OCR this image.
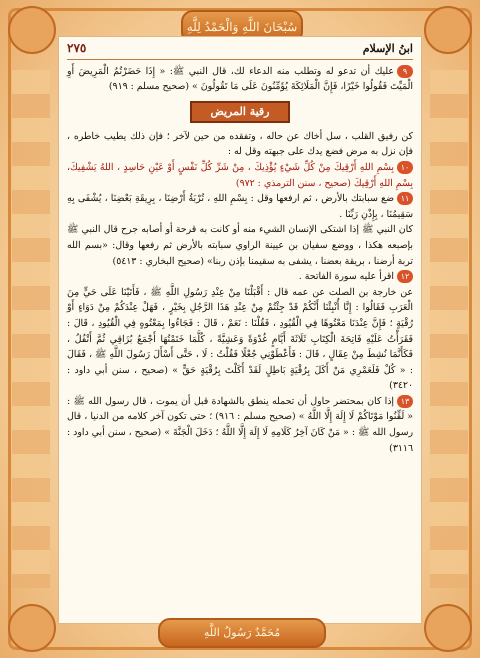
سُبْحَانَ اللَّهِ وَالْحَمْدُ لِلَّهِ
ابنُ الإسلام
٢٧٥

٩عليك أن تدعو له وتطلب منه الدعاء لك، قال النبي ﷺ: « إِذَا حَضَرْتُمُ الْمَرِيضَ أَوِ الْمَيِّتَ فَقُولُوا خَيْرًا، فَإِنَّ الْمَلَائِكَةَ يُؤَمِّنُونَ عَلَى مَا تَقُولُونَ » (صحيح مسلم : ٩١٩)

رقية المريض

كن رفيق القلب ، سل أخاك عن حاله ، وتفقده من حين لآخر ؛ فإن ذلك يطيب خاطره ، فإن نزل به مرض فضع يدك على جبهته وقل له :

١٠بِسْمِ اللهِ أَرْقِيكَ مِنْ كُلِّ شَيْءٍ يُؤْذِيكَ ، مِنْ شَرِّ كُلِّ نَفْسٍ أَوْ عَيْنِ حَاسِدٍ ، اللهُ يَشْفِيكَ، بِسْمِ اللهِ أَرْقِيكَ (صحيح ، سنن الترمذي : ٩٧٢)

١١ضع سبابتك بالأرض ، ثم ارفعها وقل : بِسْمِ اللهِ ، تُرْبَةُ أَرْضِنَا ، بِرِيقَةِ بَعْضِنَا ، يُشْفَى بِهِ سَقِيمُنَا ، بِإِذْنِ رَبِّنَا .

كان النبي ﷺ إذا اشتكى الإنسان الشيء منه أو كانت به قرحة أو أصابه جرح قال النبي ﷺ بإصبعه هكذا ، ووضع سفيان بن عيينة الراوي سبابته بالأرض ثم رفعها وقال: «بسم الله تربة أرضنا ، بريقة بعضنا ، يشفى به سقيمنا بإذن ربنا» (صحيح البخاري : ٥٤١٣)

١٢اقرأ عليه سورة الفاتحة .

عن خارجة بن الصلت عن عمه قال : أَقْبَلْنَا مِنْ عِنْدِ رَسُولِ اللَّهِ ﷺ ، فَأَتَيْنَا عَلَى حَيٍّ مِنَ الْعَرَبِ فَقَالُوا : إِنَّا أُنْبِئْنَا أَنَّكُمْ قَدْ جِئْتُمْ مِنْ عِنْدِ هَذَا الرَّجُلِ بِخَيْرٍ ، فَهَلْ عِنْدَكُمْ مِنْ دَوَاءٍ أَوْ رُقْيَةٍ ؛ فَإِنَّ عِنْدَنَا مَعْتُوهًا فِي الْقُيُودِ ، فَقُلْنَا : نَعَمْ ، قَالَ : فَجَاءُوا بِمَعْتُوهٍ فِي الْقُيُودِ ، قَالَ : فَقَرَأْتُ عَلَيْهِ فَاتِحَةَ الْكِتَابِ ثَلَاثَةَ أَيَّامٍ غُدْوَةً وَعَشِيَّةً ، كُلَّمَا خَتَمْتُهَا أَجْمَعُ بُزَاقِي ثُمَّ أَتْفُلُ ، فَكَأَنَّمَا نُشِطَ مِنْ عِقَالٍ ، قَالَ : فَأَعْطَوْنِي جُعْلًا فَقُلْتُ : لَا ، حَتَّى أَسْأَلَ رَسُولَ اللَّهِ ﷺ ، فَقَالَ : « كُلْ فَلَعَمْرِي مَنْ أَكَلَ بِرُقْيَةٍ بَاطِلٍ لَقَدْ أَكَلْتَ بِرُقْيَةٍ حَقٍّ » (صحيح ، سنن أبي داود : ٣٤٢٠)

١٣إذا كان بمحتضر حاول أن تحمله ينطق بالشهادة قبل أن يموت ، قال رسول الله ﷺ : « لَقِّنُوا مَوْتَاكُمْ لَا إِلَهَ إِلَّا اللَّهُ » (صحيح مسلم : ٩١٦) ؛ حتى تكون آخر كلامه من الدنيا ، قال رسول الله ﷺ : « مَنْ كَانَ آخِرُ كَلَامِهِ لَا إِلَهَ إِلَّا اللَّهُ ؛ دَخَلَ الْجَنَّةَ » (صحيح ، سنن أبي داود : ٣١١٦)

مُحَمَّدٌ رَسُولُ اللَّهِ
